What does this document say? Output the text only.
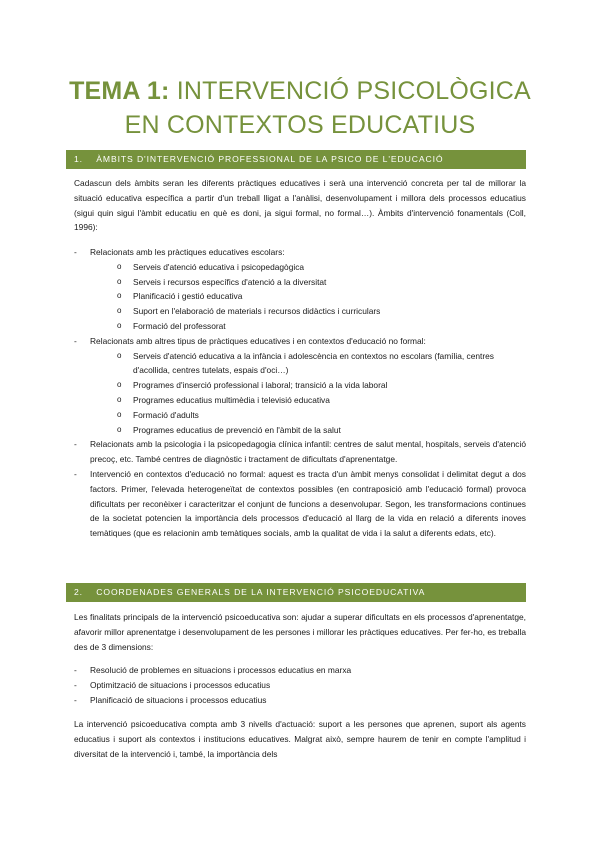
TEMA 1: INTERVENCIÓ PSICOLÒGICA
EN CONTEXTOS EDUCATIUS
1. ÀMBITS D'INTERVENCIÓ PROFESSIONAL DE LA PSICO DE L'EDUCACIÓ
Cadascun dels àmbits seran les diferents pràctiques educatives i serà una intervenció concreta per tal de millorar la situació educativa específica a partir d'un treball lligat a l'anàlisi, desenvolupament i millora dels processos educatius (sigui quin sigui l'àmbit educatiu en què es doni, ja sigui formal, no formal…). Àmbits d'intervenció fonamentals (Coll, 1996):
- Relacionats amb les pràctiques educatives escolars:
o Serveis d'atenció educativa i psicopedagògica
o Serveis i recursos específics d'atenció a la diversitat
o Planificació i gestió educativa
o Suport en l'elaboració de materials i recursos didàctics i curriculars
o Formació del professorat
- Relacionats amb altres tipus de pràctiques educatives i en contextos d'educació no formal:
o Serveis d'atenció educativa a la infància i adolescència en contextos no escolars (família, centres d'acollida, centres tutelats, espais d'oci…)
o Programes d'inserció professional i laboral; transició a la vida laboral
o Programes educatius multimèdia i televisió educativa
o Formació d'adults
o Programes educatius de prevenció en l'àmbit de la salut
- Relacionats amb la psicologia i la psicopedagogia clínica infantil: centres de salut mental, hospitals, serveis d'atenció precoç, etc. També centres de diagnòstic i tractament de dificultats d'aprenentatge.
- Intervenció en contextos d'educació no formal: aquest es tracta d'un àmbit menys consolidat i delimitat degut a dos factors. Primer, l'elevada heterogeneïtat de contextos possibles (en contraposició amb l'educació formal) provoca dificultats per reconèixer i caracteritzar el conjunt de funcions a desenvolupar. Segon, les transformacions continues de la societat potencien la importància dels processos d'educació al llarg de la vida en relació a diferents inoves temàtiques (que es relacionin amb temàtiques socials, amb la qualitat de vida i la salut a diferents edats, etc).
2. COORDENADES GENERALS DE LA INTERVENCIÓ PSICOEDUCATIVA
Les finalitats principals de la intervenció psicoeducativa son: ajudar a superar dificultats en els processos d'aprenentatge, afavorir millor aprenentatge i desenvolupament de les persones i millorar les pràctiques educatives. Per fer-ho, es treballa des de 3 dimensions:
- Resolució de problemes en situacions i processos educatius en marxa
- Optimització de situacions i processos educatius
- Planificació de situacions i processos educatius
La intervenció psicoeducativa compta amb 3 nivells d'actuació: suport a les persones que aprenen, suport als agents educatius i suport als contextos i institucions educatives. Malgrat això, sempre haurem de tenir en compte l'amplitud i diversitat de la intervenció i, també, la importància dels
